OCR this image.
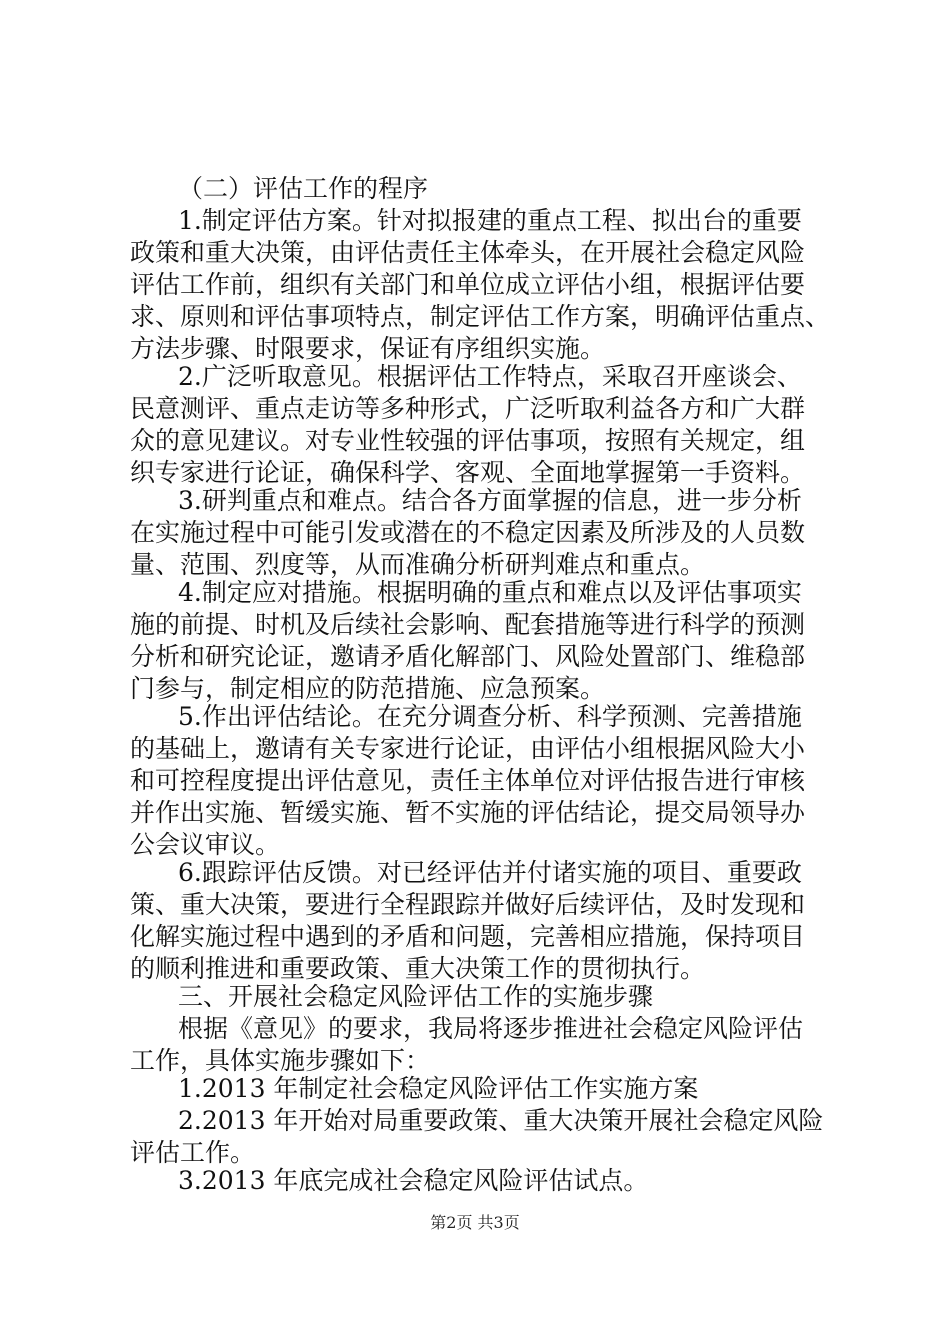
（二）评估工作的程序
1.制定评估方案。针对拟报建的重点工程、拟出台的重要
政策和重大决策，由评估责任主体牵头，在开展社会稳定风险
评估工作前，组织有关部门和单位成立评估小组，根据评估要
求、原则和评估事项特点，制定评估工作方案，明确评估重点、
方法步骤、时限要求，保证有序组织实施。
2.广泛听取意见。根据评估工作特点，采取召开座谈会、
民意测评、重点走访等多种形式，广泛听取利益各方和广大群
众的意见建议。对专业性较强的评估事项，按照有关规定，组
织专家进行论证，确保科学、客观、全面地掌握第一手资料。
3.研判重点和难点。结合各方面掌握的信息，进一步分析
在实施过程中可能引发或潜在的不稳定因素及所涉及的人员数
量、范围、烈度等，从而准确分析研判难点和重点。
4.制定应对措施。根据明确的重点和难点以及评估事项实
施的前提、时机及后续社会影响、配套措施等进行科学的预测
分析和研究论证，邀请矛盾化解部门、风险处置部门、维稳部
门参与，制定相应的防范措施、应急预案。
5.作出评估结论。在充分调查分析、科学预测、完善措施
的基础上，邀请有关专家进行论证，由评估小组根据风险大小
和可控程度提出评估意见，责任主体单位对评估报告进行审核
并作出实施、暂缓实施、暂不实施的评估结论，提交局领导办
公会议审议。
6.跟踪评估反馈。对已经评估并付诸实施的项目、重要政
策、重大决策，要进行全程跟踪并做好后续评估，及时发现和
化解实施过程中遇到的矛盾和问题，完善相应措施，保持项目
的顺利推进和重要政策、重大决策工作的贯彻执行。
三、开展社会稳定风险评估工作的实施步骤
根据《意见》的要求，我局将逐步推进社会稳定风险评估
工作，具体实施步骤如下：
1.2013 年制定社会稳定风险评估工作实施方案
2.2013 年开始对局重要政策、重大决策开展社会稳定风险
评估工作。
3.2013 年底完成社会稳定风险评估试点。
第2页 共3页
